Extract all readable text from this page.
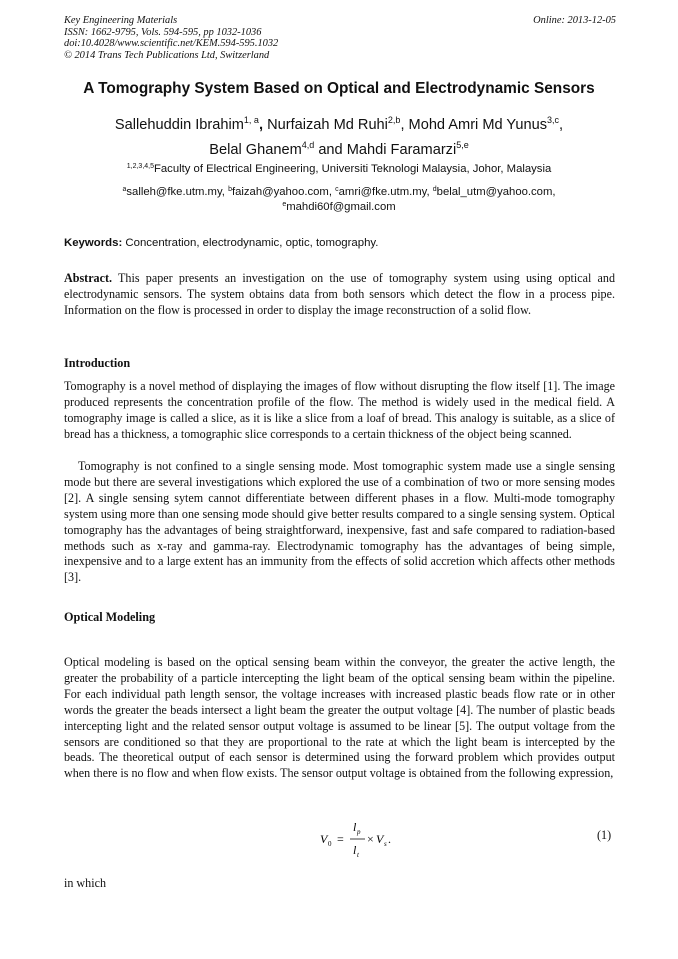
Key Engineering Materials
ISSN: 1662-9795, Vols. 594-595, pp 1032-1036
doi:10.4028/www.scientific.net/KEM.594-595.1032
© 2014 Trans Tech Publications Ltd, Switzerland
Online: 2013-12-05
A Tomography System Based on Optical and Electrodynamic Sensors
Sallehuddin Ibrahim$^{1, a}$, Nurfaizah Md Ruhi$^{2,b}$, Mohd Amri Md Yunus$^{3,c}$,
Belal Ghanem$^{4,d}$ and Mahdi Faramarzi$^{5,e}$
$^{1,2,3,4,5}$Faculty of Electrical Engineering, Universiti Teknologi Malaysia, Johor, Malaysia
$^a$salleh@fke.utm.my, $^b$faizah@yahoo.com, $^c$amri@fke.utm.my, $^d$belal_utm@yahoo.com,
$^e$mahdi60f@gmail.com
Keywords: Concentration, electrodynamic, optic, tomography.
Abstract. This paper presents an investigation on the use of tomography system using using optical and electrodynamic sensors. The system obtains data from both sensors which detect the flow in a process pipe. Information on the flow is processed in order to display the image reconstruction of a solid flow.
Introduction
Tomography is a novel method of displaying the images of flow without disrupting the flow itself [1]. The image produced represents the concentration profile of the flow. The method is widely used in the medical field. A tomography image is called a slice, as it is like a slice from a loaf of bread. This analogy is suitable, as a slice of bread has a thickness, a tomographic slice corresponds to a certain thickness of the object being scanned.
Tomography is not confined to a single sensing mode. Most tomographic system made use a single sensing mode but there are several investigations which explored the use of a combination of two or more sensing modes [2]. A single sensing sytem cannot differentiate between different phases in a flow. Multi-mode tomography system using more than one sensing mode should give better results compared to a single sensing system. Optical tomography has the advantages of being straightforward, inexpensive, fast and safe compared to radiation-based methods such as x-ray and gamma-ray. Electrodynamic tomography has the advantages of being simple, inexpensive and to a large extent has an immunity from the effects of solid accretion which affects other methods [3].
Optical Modeling
Optical modeling is based on the optical sensing beam within the conveyor, the greater the active length, the greater the probability of a particle intercepting the light beam of the optical sensing beam within the pipeline. For each individual path length sensor, the voltage increases with increased plastic beads flow rate or in other words the greater the beads intersect a light beam the greater the output voltage [4]. The number of plastic beads intercepting light and the related sensor output voltage is assumed to be linear [5]. The output voltage from the sensors are conditioned so that they are proportional to the rate at which the light beam is intercepted by the beads. The theoretical output of each sensor is determined using the forward problem which provides output when there is no flow and when flow exists. The sensor output voltage is obtained from the following expression,
V 0 =
l p
l t
× V s .	(1)
in which
